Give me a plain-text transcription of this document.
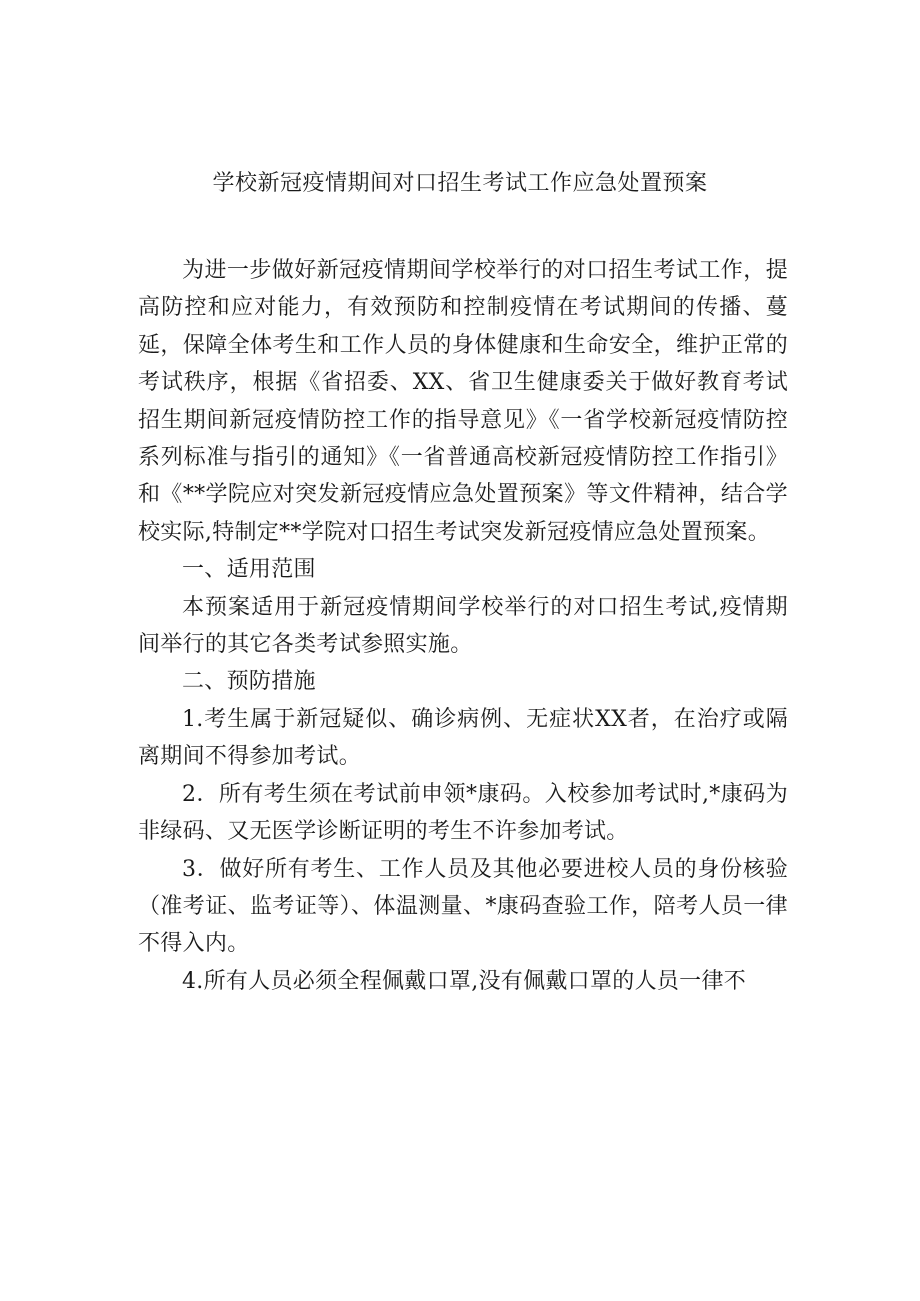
学校新冠疫情期间对口招生考试工作应急处置预案

为进一步做好新冠疫情期间学校举行的对口招生考试工作，提高防控和应对能力，有效预防和控制疫情在考试期间的传播、蔓延，保障全体考生和工作人员的身体健康和生命安全，维护正常的考试秩序，根据《省招委、XX、省卫生健康委关于做好教育考试招生期间新冠疫情防控工作的指导意见》《一省学校新冠疫情防控系列标准与指引的通知》《一省普通高校新冠疫情防控工作指引》和《**学院应对突发新冠疫情应急处置预案》等文件精神，结合学校实际,特制定**学院对口招生考试突发新冠疫情应急处置预案。

一、适用范围

本预案适用于新冠疫情期间学校举行的对口招生考试,疫情期间举行的其它各类考试参照实施。

二、预防措施

1.考生属于新冠疑似、确诊病例、无症状XX者，在治疗或隔离期间不得参加考试。

2．所有考生须在考试前申领*康码。入校参加考试时,*康码为非绿码、又无医学诊断证明的考生不许参加考试。

3．做好所有考生、工作人员及其他必要进校人员的身份核验（准考证、监考证等）、体温测量、*康码查验工作，陪考人员一律不得入内。

4.所有人员必须全程佩戴口罩,没有佩戴口罩的人员一律不
